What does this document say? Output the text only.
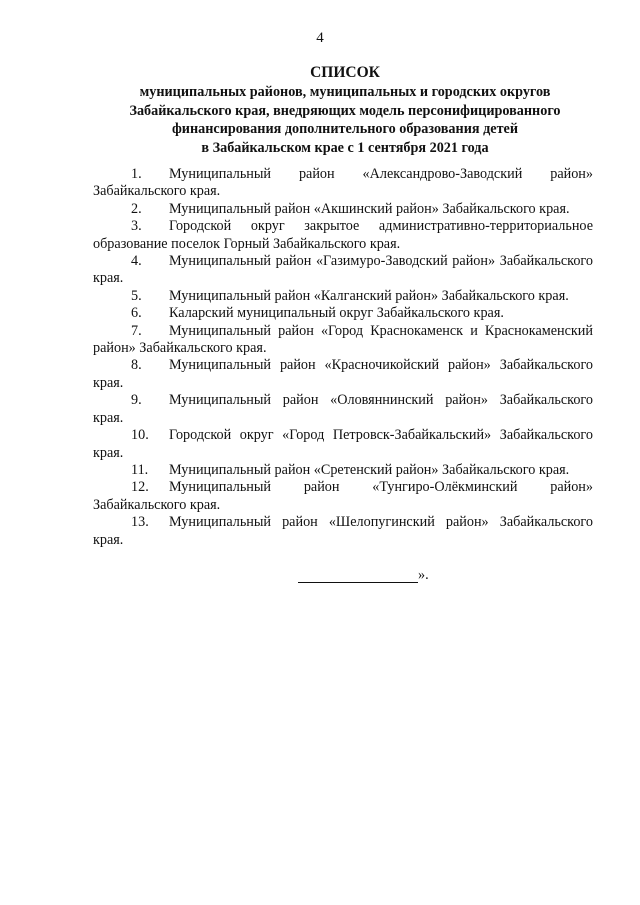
4
СПИСОК
муниципальных районов, муниципальных и городских округов
Забайкальского края, внедряющих модель персонифицированного
финансирования дополнительного образования детей
в Забайкальском крае с 1 сентября 2021 года

1. Муниципальный район «Александрово-Заводский район» Забайкальского края.

2. Муниципальный район «Акшинский район» Забайкальского края.

3. Городской округ закрытое административно-территориальное образование поселок Горный Забайкальского края.

4. Муниципальный район «Газимуро-Заводский район» Забайкальского края.

5. Муниципальный район «Калганский район» Забайкальского края.

6. Каларский муниципальный округ Забайкальского края.

7. Муниципальный район «Город Краснокаменск и Краснокаменский район» Забайкальского края.

8. Муниципальный район «Красночикойский район» Забайкальского края.

9. Муниципальный район «Оловяннинский район» Забайкальского края.

10. Городской округ «Город Петровск-Забайкальский» Забайкальского края.

11. Муниципальный район «Сретенский район» Забайкальского края.

12. Муниципальный район «Тунгиро-Олёкминский район» Забайкальского края.

13. Муниципальный район «Шелопугинский район» Забайкальского края.

».
